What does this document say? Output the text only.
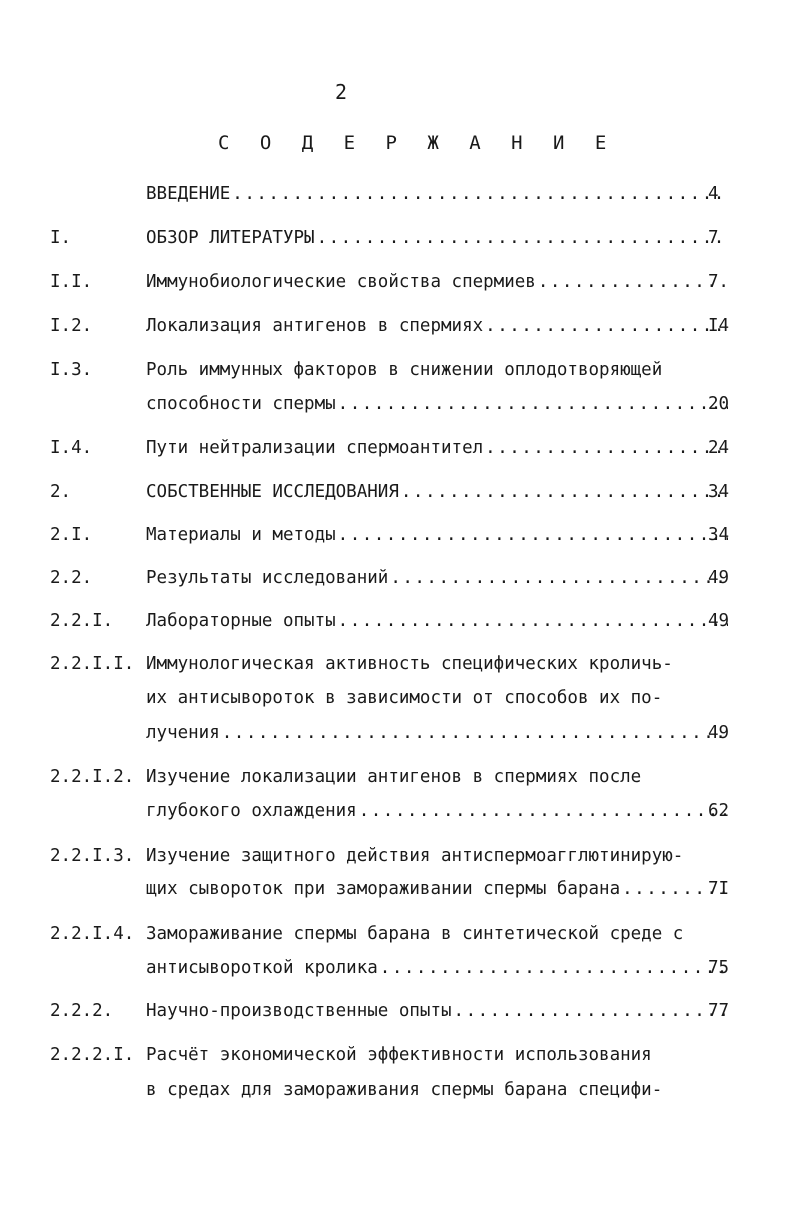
2
С О Д Е Р Ж А Н И Е
ВВЕДЕНИЕ .....	4
I.	ОБЗОР ЛИТЕРАТУРЫ .....	7
I.I.	Иммунобиологические свойства спермиев .....	7
I.2.	Локализация антигенов в спермиях .....	I4
I.3.	Роль иммунных факторов в снижении оплодотворяющей
способности спермы .....	20
I.4.	Пути нейтрализации спермоантител .....	24
2.	СОБСТВЕННЫЕ ИССЛЕДОВАНИЯ .....	34
2.I.	Материалы и методы .....	34
2.2.	Результаты исследований .....	49
2.2.I. Лабораторные опыты .....	49
2.2.I.I. Иммунологическая активность специфических кроличь-
их антисывороток в зависимости от способов их по-
лучения .....	49
2.2.I.2. Изучение локализации антигенов в спермиях после
глубокого охлаждения .....	62
2.2.I.3. Изучение защитного действия антиспермоагглютинирую-
щих сывороток при замораживании спермы барана .....	7I
2.2.I.4. Замораживание спермы барана в синтетической среде с
антисывороткой кролика .....	75
2.2.2. Научно-производственные опыты .....	77
2.2.2.I. Расчёт экономической эффективности использования
в средах для замораживания спермы барана специфи-
